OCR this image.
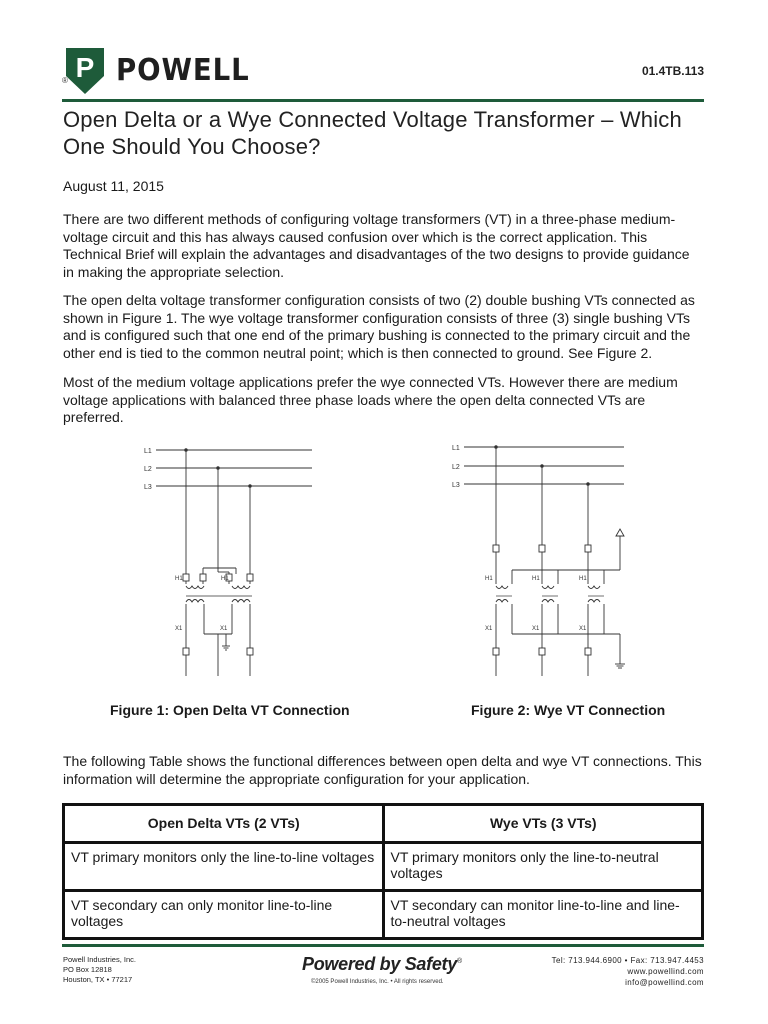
P
® POWELL	01.4TB.113
Open Delta or a Wye Connected Voltage Transformer – Which One Should You Choose?
August 11, 2015

There are two different methods of configuring voltage transformers (VT) in a three-phase medium-voltage circuit and this has always caused confusion over which is the correct application. This Technical Brief will explain the advantages and disadvantages of the two designs to provide guidance in making the appropriate selection.

The open delta voltage transformer configuration consists of two (2) double bushing VTs connected as shown in Figure 1. The wye voltage transformer configuration consists of three (3) single bushing VTs and is configured such that one end of the primary bushing is connected to the primary circuit and the other end is tied to the common neutral point; which is then connected to ground. See Figure 2.

Most of the medium voltage applications prefer the wye connected VTs. However there are medium voltage applications with balanced three phase loads where the open delta connected VTs are preferred.

L1
L2
L3
H1	H1
X1	X1
L1
L2
L3
H1	H1	H1
X1	X1	X1
Figure 1: Open Delta VT Connection	Figure 2: Wye VT Connection

The following Table shows the functional differences between open delta and wye VT connections. This information will determine the appropriate configuration for your application.

Open Delta VTs (2 VTs)	Wye VTs (3 VTs)
VT primary monitors only the line-to-line voltages	VT primary monitors only the line-to-neutral voltages
VT secondary can only monitor line-to-line voltages	VT secondary can monitor line-to-line and line-to-neutral voltages
Powell Industries, Inc.
PO Box 12818
Houston, TX • 77217
Powered by Safety®
©2005 Powell Industries, Inc. • All rights reserved.
Tel: 713.944.6900 • Fax: 713.947.4453
www.powellind.com
info@powellind.com
